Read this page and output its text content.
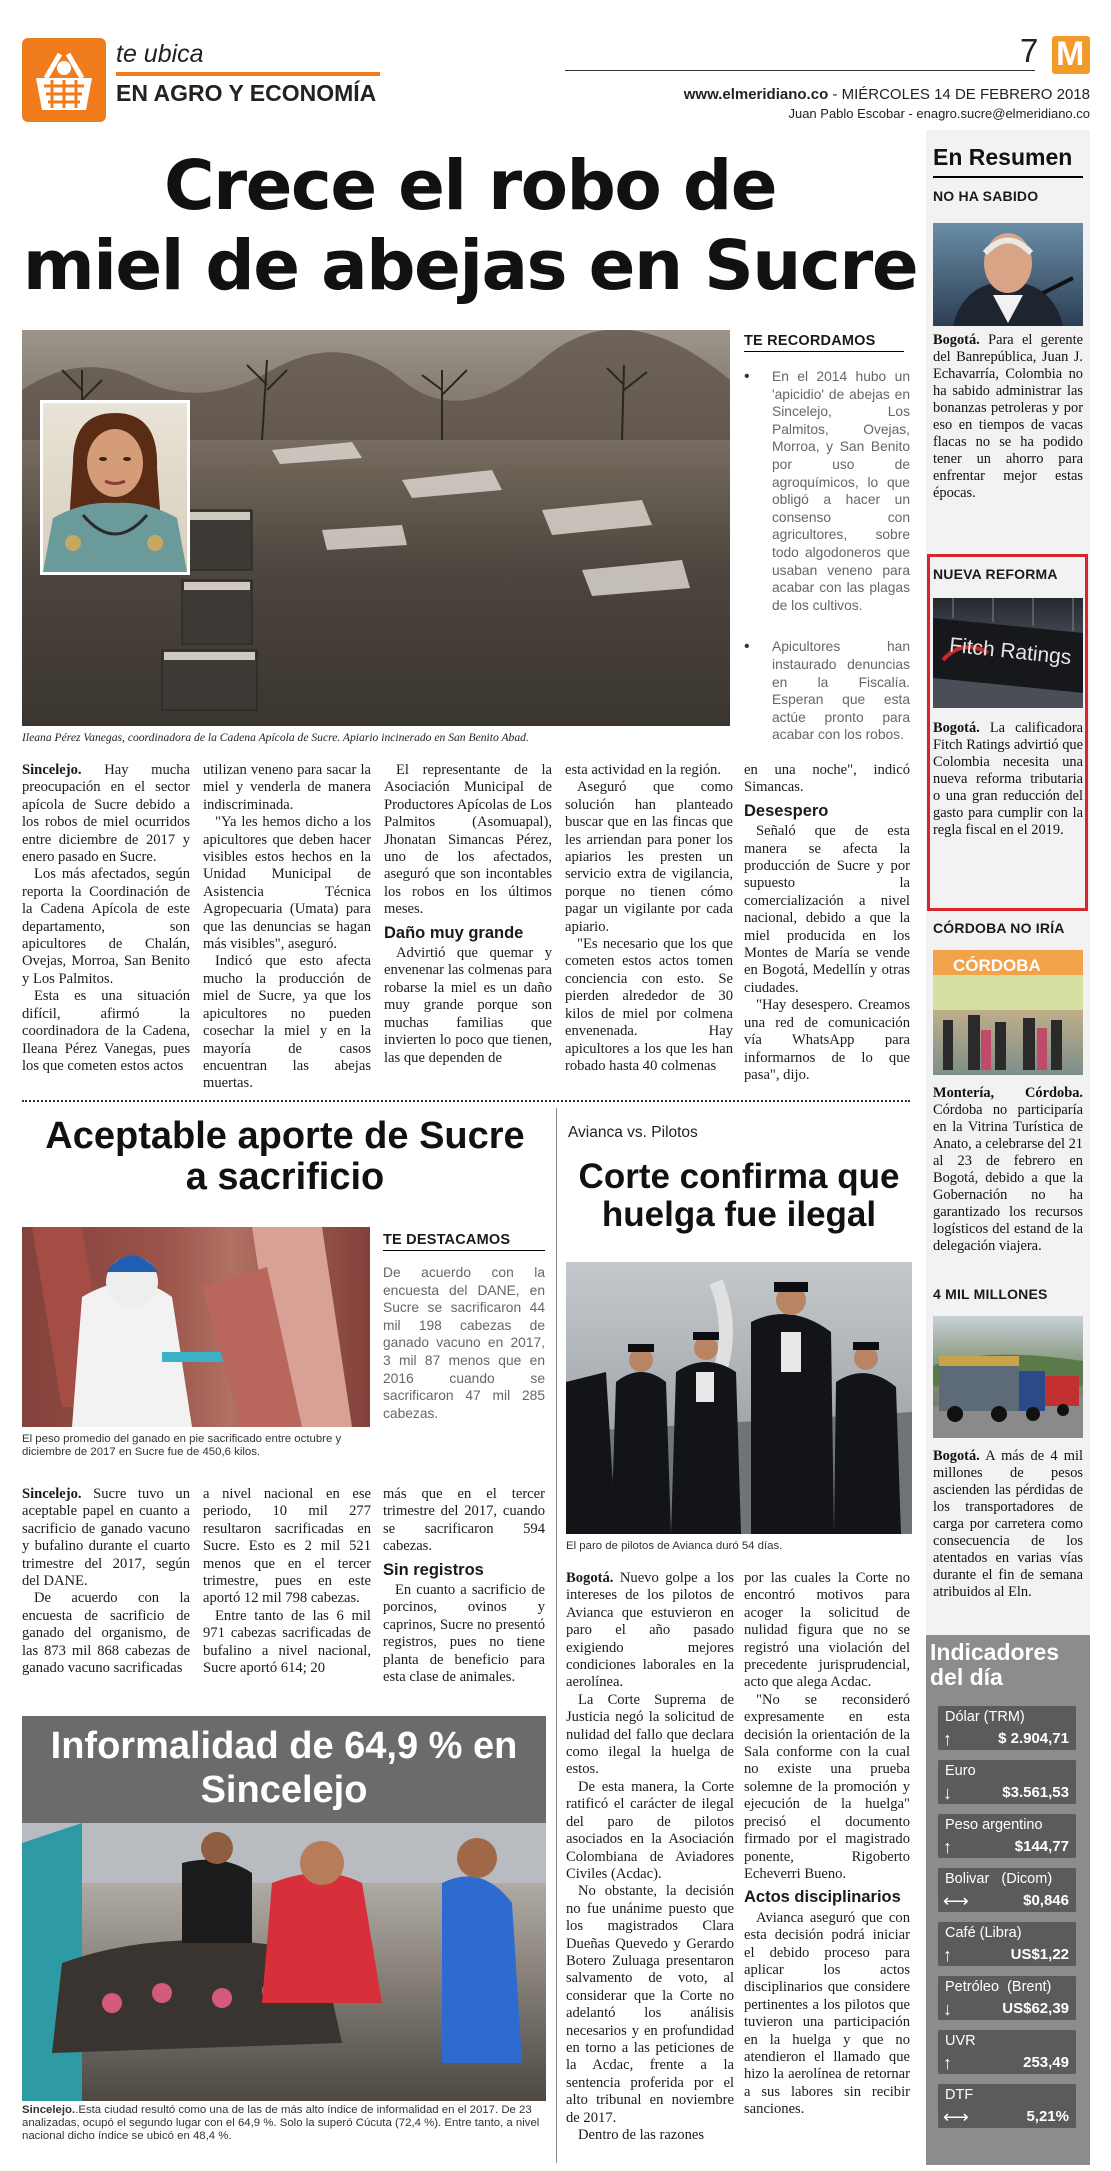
te ubica
EN AGRO Y ECONOMÍA
7 M
www.elmeridiano.co - MIÉRCOLES 14 DE FEBRERO 2018
Juan Pablo Escobar - enagro.sucre@elmeridiano.co
Crece el robo de
miel de abejas en Sucre
Ileana Pérez Vanegas, coordinadora de la Cadena Apícola de Sucre. Apiario incinerado en San Benito Abad.
TE RECORDAMOS
• En el 2014 hubo un 'apicidio' de abejas en Sincelejo, Los Palmitos, Ovejas, Morroa, y San Benito por uso de agroquímicos, lo que obligó a hacer un consenso con agricultores, sobre todo algodoneros que usaban veneno para acabar con las plagas de los cultivos.
• Apicultores han instaurado denuncias en la Fiscalía. Esperan que esta actúe pronto para acabar con los robos.

Sincelejo. Hay mucha preocupación en el sector apícola de Sucre debido a los robos de miel ocurridos entre diciembre de 2017 y enero pasado en Sucre.

Los más afectados, según reporta la Coordinación de la Cadena Apícola de este departamento, son apicultores de Chalán, Ovejas, Morroa, San Benito y Los Palmitos.

Esta es una situación difícil, afirmó la coordinadora de la Cadena, Ileana Pérez Vanegas, pues los que cometen estos actos

utilizan veneno para sacar la miel y venderla de manera indiscriminada.

"Ya les hemos dicho a los apicultores que deben hacer visibles estos hechos en la Unidad Municipal de Asistencia Técnica Agropecuaria (Umata) para que las denuncias se hagan más visibles", aseguró.

Indicó que esto afecta mucho la producción de miel de Sucre, ya que los apicultores no pueden cosechar la miel y en la mayoría de casos encuentran las abejas muertas.

El representante de la Asociación Municipal de Productores Apícolas de Los Palmitos (Asomuapal), Jhonatan Simancas Pérez, uno de los afectados, aseguró que son incontables los robos en los últimos meses.

Daño muy grande

Advirtió que quemar y envenenar las colmenas para robarse la miel es un daño muy grande porque son muchas familias que invierten lo poco que tienen, las que dependen de

esta actividad en la región.

Aseguró que como solución han planteado buscar que en las fincas que les arriendan para poner los apiarios les presten un servicio extra de vigilancia, porque no tienen cómo pagar un vigilante por cada apiario.

"Es necesario que los que cometen estos actos tomen conciencia con esto. Se pierden alrededor de 30 kilos de miel por colmena envenenada. Hay apicultores a los que les han robado hasta 40 colmenas

en una noche", indicó Simancas.

Desespero

Señaló que de esta manera se afecta la producción de Sucre y por supuesto la comercialización a nivel nacional, debido a que la miel producida en los Montes de María se vende en Bogotá, Medellín y otras ciudades.

"Hay desespero. Creamos una red de comunicación vía WhatsApp para informarnos de lo que pasa", dijo.

Aceptable aporte de Sucre a sacrificio
El peso promedio del ganado en pie sacrificado entre octubre y diciembre de 2017 en Sucre fue de 450,6 kilos.
TE DESTACAMOS
De acuerdo con la encuesta del DANE, en Sucre se sacrificaron 44 mil 198 cabezas de ganado vacuno en 2017, 3 mil 87 menos que en 2016 cuando se sacrificaron 47 mil 285 cabezas.

Sincelejo. Sucre tuvo un aceptable papel en cuanto a sacrificio de ganado vacuno y bufalino durante el cuarto trimestre del 2017, según del DANE.

De acuerdo con la encuesta de sacrificio de ganado del organismo, de las 873 mil 868 cabezas de ganado vacuno sacrificadas

a nivel nacional en ese periodo, 10 mil 277 resultaron sacrificadas en Sucre. Esto es 2 mil 521 menos que en el tercer trimestre, pues en este aportó 12 mil 798 cabezas.

Entre tanto de las 6 mil 971 cabezas sacrificadas de bufalino a nivel nacional, Sucre aportó 614; 20

más que en el tercer trimestre del 2017, cuando se sacrificaron 594 cabezas.

Sin registros

En cuanto a sacrificio de porcinos, ovinos y caprinos, Sucre no presentó registros, pues no tiene planta de beneficio para esta clase de animales.

Informalidad de 64,9 % en Sincelejo
Sincelejo..Esta ciudad resultó como una de las de más alto índice de informalidad en el 2017. De 23 analizadas, ocupó el segundo lugar con el 64,9 %. Solo la superó Cúcuta (72,4 %). Entre tanto, a nivel nacional dicho índice se ubicó en 48,4 %.
Avianca vs. Pilotos
Corte confirma que huelga fue ilegal
El paro de pilotos de Avianca duró 54 días.

Bogotá. Nuevo golpe a los intereses de los pilotos de Avianca que estuvieron en paro el año pasado exigiendo mejores condiciones laborales en la aerolínea.

La Corte Suprema de Justicia negó la solicitud de nulidad del fallo que declara como ilegal la huelga de estos.

De esta manera, la Corte ratificó el carácter de ilegal del paro de pilotos asociados en la Asociación Colombiana de Aviadores Civiles (Acdac).

No obstante, la decisión no fue unánime puesto que los magistrados Clara Dueñas Quevedo y Gerardo Botero Zuluaga presentaron salvamento de voto, al considerar que la Corte no adelantó los análisis necesarios y en profundidad en torno a las peticiones de la Acdac, frente a la sentencia proferida por el alto tribunal en noviembre de 2017.

Dentro de las razones

por las cuales la Corte no encontró motivos para acoger la solicitud de nulidad figura que no se registró una violación del precedente jurisprudencial, acto que alega Acdac.

"No se reconsideró expresamente en esta decisión la orientación de la Sala conforme con la cual no existe una prueba solemne de la promoción y ejecución de la huelga" precisó el documento firmado por el magistrado ponente, Rigoberto Echeverri Bueno.

Actos disciplinarios

Avianca aseguró que con esta decisión podrá iniciar el debido proceso para aplicar los actos disciplinarios que considere pertinentes a los pilotos que tuvieron una participación en la huelga y que no atendieron el llamado que hizo la aerolínea de retornar a sus labores sin recibir sanciones.

En Resumen
NO HA SABIDO
Bogotá. Para el gerente del Banrepública, Juan J. Echavarría, Colombia no ha sabido administrar las bonanzas petroleras y por eso en tiempos de vacas flacas no se ha podido tener un ahorro para enfrentar mejor estas épocas.
NUEVA REFORMA
Fitch Ratings
Bogotá. La calificadora Fitch Ratings advirtió que Colombia necesita una nueva reforma tributaria o una gran reducción del gasto para cumplir con la regla fiscal en el 2019.
CÓRDOBA NO IRÍA
CÓRDOBA
Montería, Córdoba. Córdoba no participaría en la Vitrina Turística de Anato, a celebrarse del 21 al 23 de febrero en Bogotá, debido a que la Gobernación no ha garantizado los recursos logísticos del estand de la delegación viajera.
4 MIL MILLONES
Bogotá. A más de 4 mil millones de pesos ascienden las pérdidas de los transportadores de carga por carretera como consecuencia de los atentados en varias vías durante el fin de semana atribuidos al Eln.
Indicadores del día
Dólar (TRM)
↑
$ 2.904,71
Euro
↓
$3.561,53
Peso argentino
↑
$144,77
Bolivar   (Dicom)
⟷
$0,846
Café (Libra)
↑
US$1,22
Petróleo  (Brent)
↓
US$62,39
UVR
↑
253,49
DTF
⟷
5,21%
